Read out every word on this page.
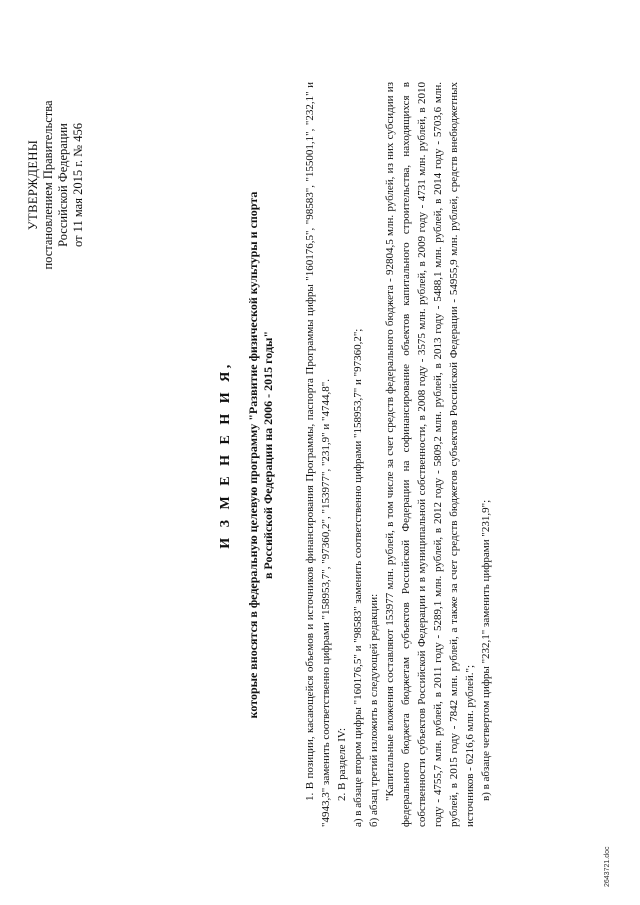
УТВЕРЖДЕНЫ постановлением Правительства Российской Федерации от 11 мая 2015 г. № 456
И З М Е Н Е Н И Я, которые вносятся в федеральную целевую программу "Развитие физической культуры и спорта в Российской Федерации на 2006 - 2015 годы"	1. В позиции, касающейся объемов и источников финансирования Программы, паспорта Программы цифры "160176,5", "98583", "155001,1", "232,1" и "4943,3" заменить соответственно цифрами "158953,7", "97360,2", "153977", "231,9" и "4744,8". 2. В разделе IV: а) в абзаце втором цифры "160176,5" и "98583" заменить соответственно цифрами "158953,7" и "97360,2"; б) абзац третий изложить в следующей редакции: "Капитальные вложения составляют 153977 млн. рублей, в том числе за счет средств федерального бюджета - 92804,5 млн. рублей, из них субсидии из федерального бюджета бюджетам субъектов Российской Федерации на софинансирование объектов капитального строительства, находящихся в собственности субъектов Российской Федерации и в муниципальной собственности, в 2008 году - 3575 млн. рублей, в 2009 году - 4731 млн. рублей, в 2010 году - 4755,7 млн. рублей, в 2011 году - 5289,1 млн. рублей, в 2012 году - 5809,2 млн. рублей, в 2013 году - 5488,1 млн. рублей, в 2014 году - 5703,6 млн. рублей, в 2015 году - 7842 млн. рублей, а также за счет средств бюджетов субъектов Российской Федерации - 54955,9 млн. рублей, средств внебюджетных источников - 6216,6 млн. рублей."; в) в абзаце четвертом цифры "232,1" заменить цифрами "231,9";

2643721.doc
